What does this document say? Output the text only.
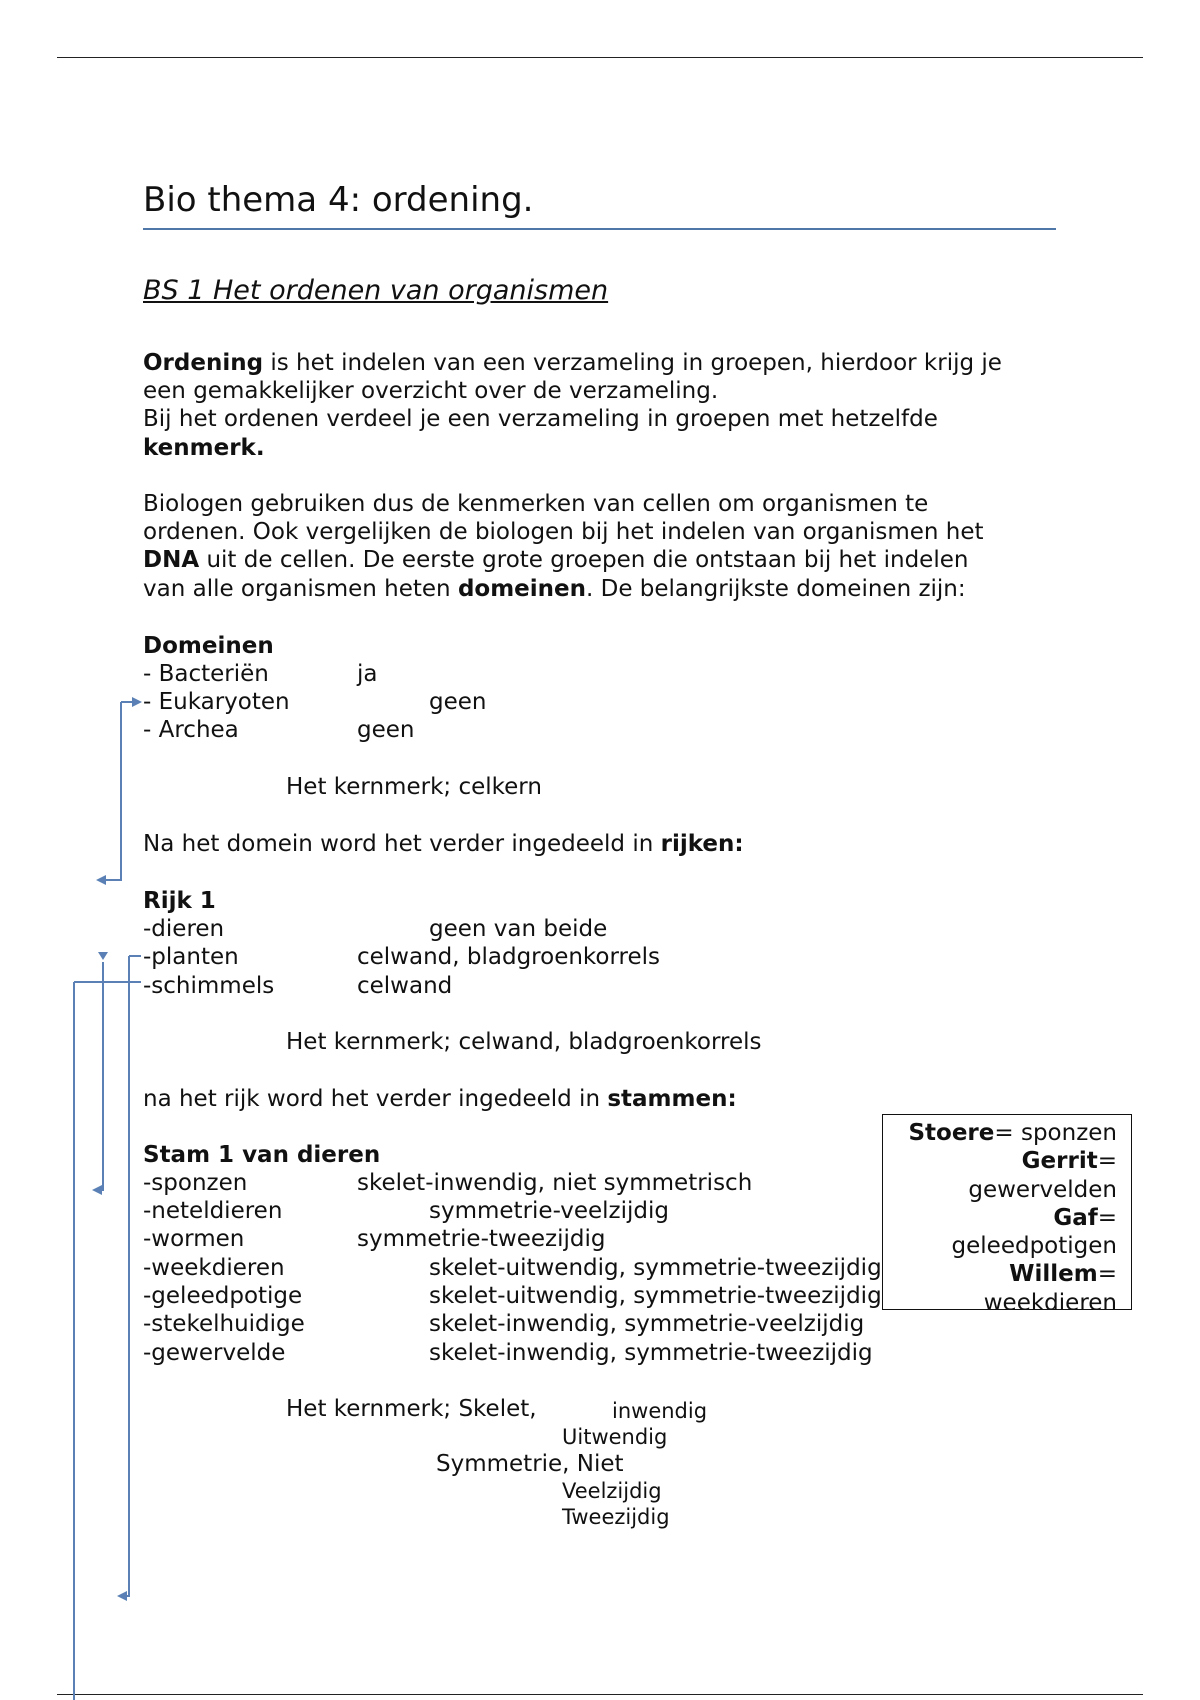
Bio thema 4: ordening.
BS 1 Het ordenen van organismen
Ordening is het indelen van een verzameling in groepen, hierdoor krijg je
een gemakkelijker overzicht over de verzameling.
Bij het ordenen verdeel je een verzameling in groepen met hetzelfde
kenmerk.
Biologen gebruiken dus de kenmerken van cellen om organismen te
ordenen. Ook vergelijken de biologen bij het indelen van organismen het
DNA uit de cellen. De eerste grote groepen die ontstaan bij het indelen
van alle organismen heten domeinen. De belangrijkste domeinen zijn:
Domeinen
- Bacteriën	ja
- Eukaryoten	geen
- Archea	geen
Het kernmerk; celkern
Na het domein word het verder ingedeeld in rijken:
Rijk 1
-dieren	geen van beide
-planten	celwand, bladgroenkorrels
-schimmels	celwand
Het kernmerk; celwand, bladgroenkorrels
na het rijk word het verder ingedeeld in stammen:
Stam 1 van dieren
-sponzen	skelet-inwendig, niet symmetrisch
-neteldieren	symmetrie-veelzijdig
-wormen	symmetrie-tweezijdig
-weekdieren	skelet-uitwendig, symmetrie-tweezijdig
-geleedpotige	skelet-uitwendig, symmetrie-tweezijdig
-stekelhuidige	skelet-inwendig, symmetrie-veelzijdig
-gewervelde	skelet-inwendig, symmetrie-tweezijdig
Het kernmerk; Skelet,	inwendig
Uitwendig
Symmetrie, Niet
Veelzijdig
Tweezijdig
Stoere= sponzen
Gerrit=
gewervelden
Gaf=
geleedpotigen
Willem=
weekdieren
